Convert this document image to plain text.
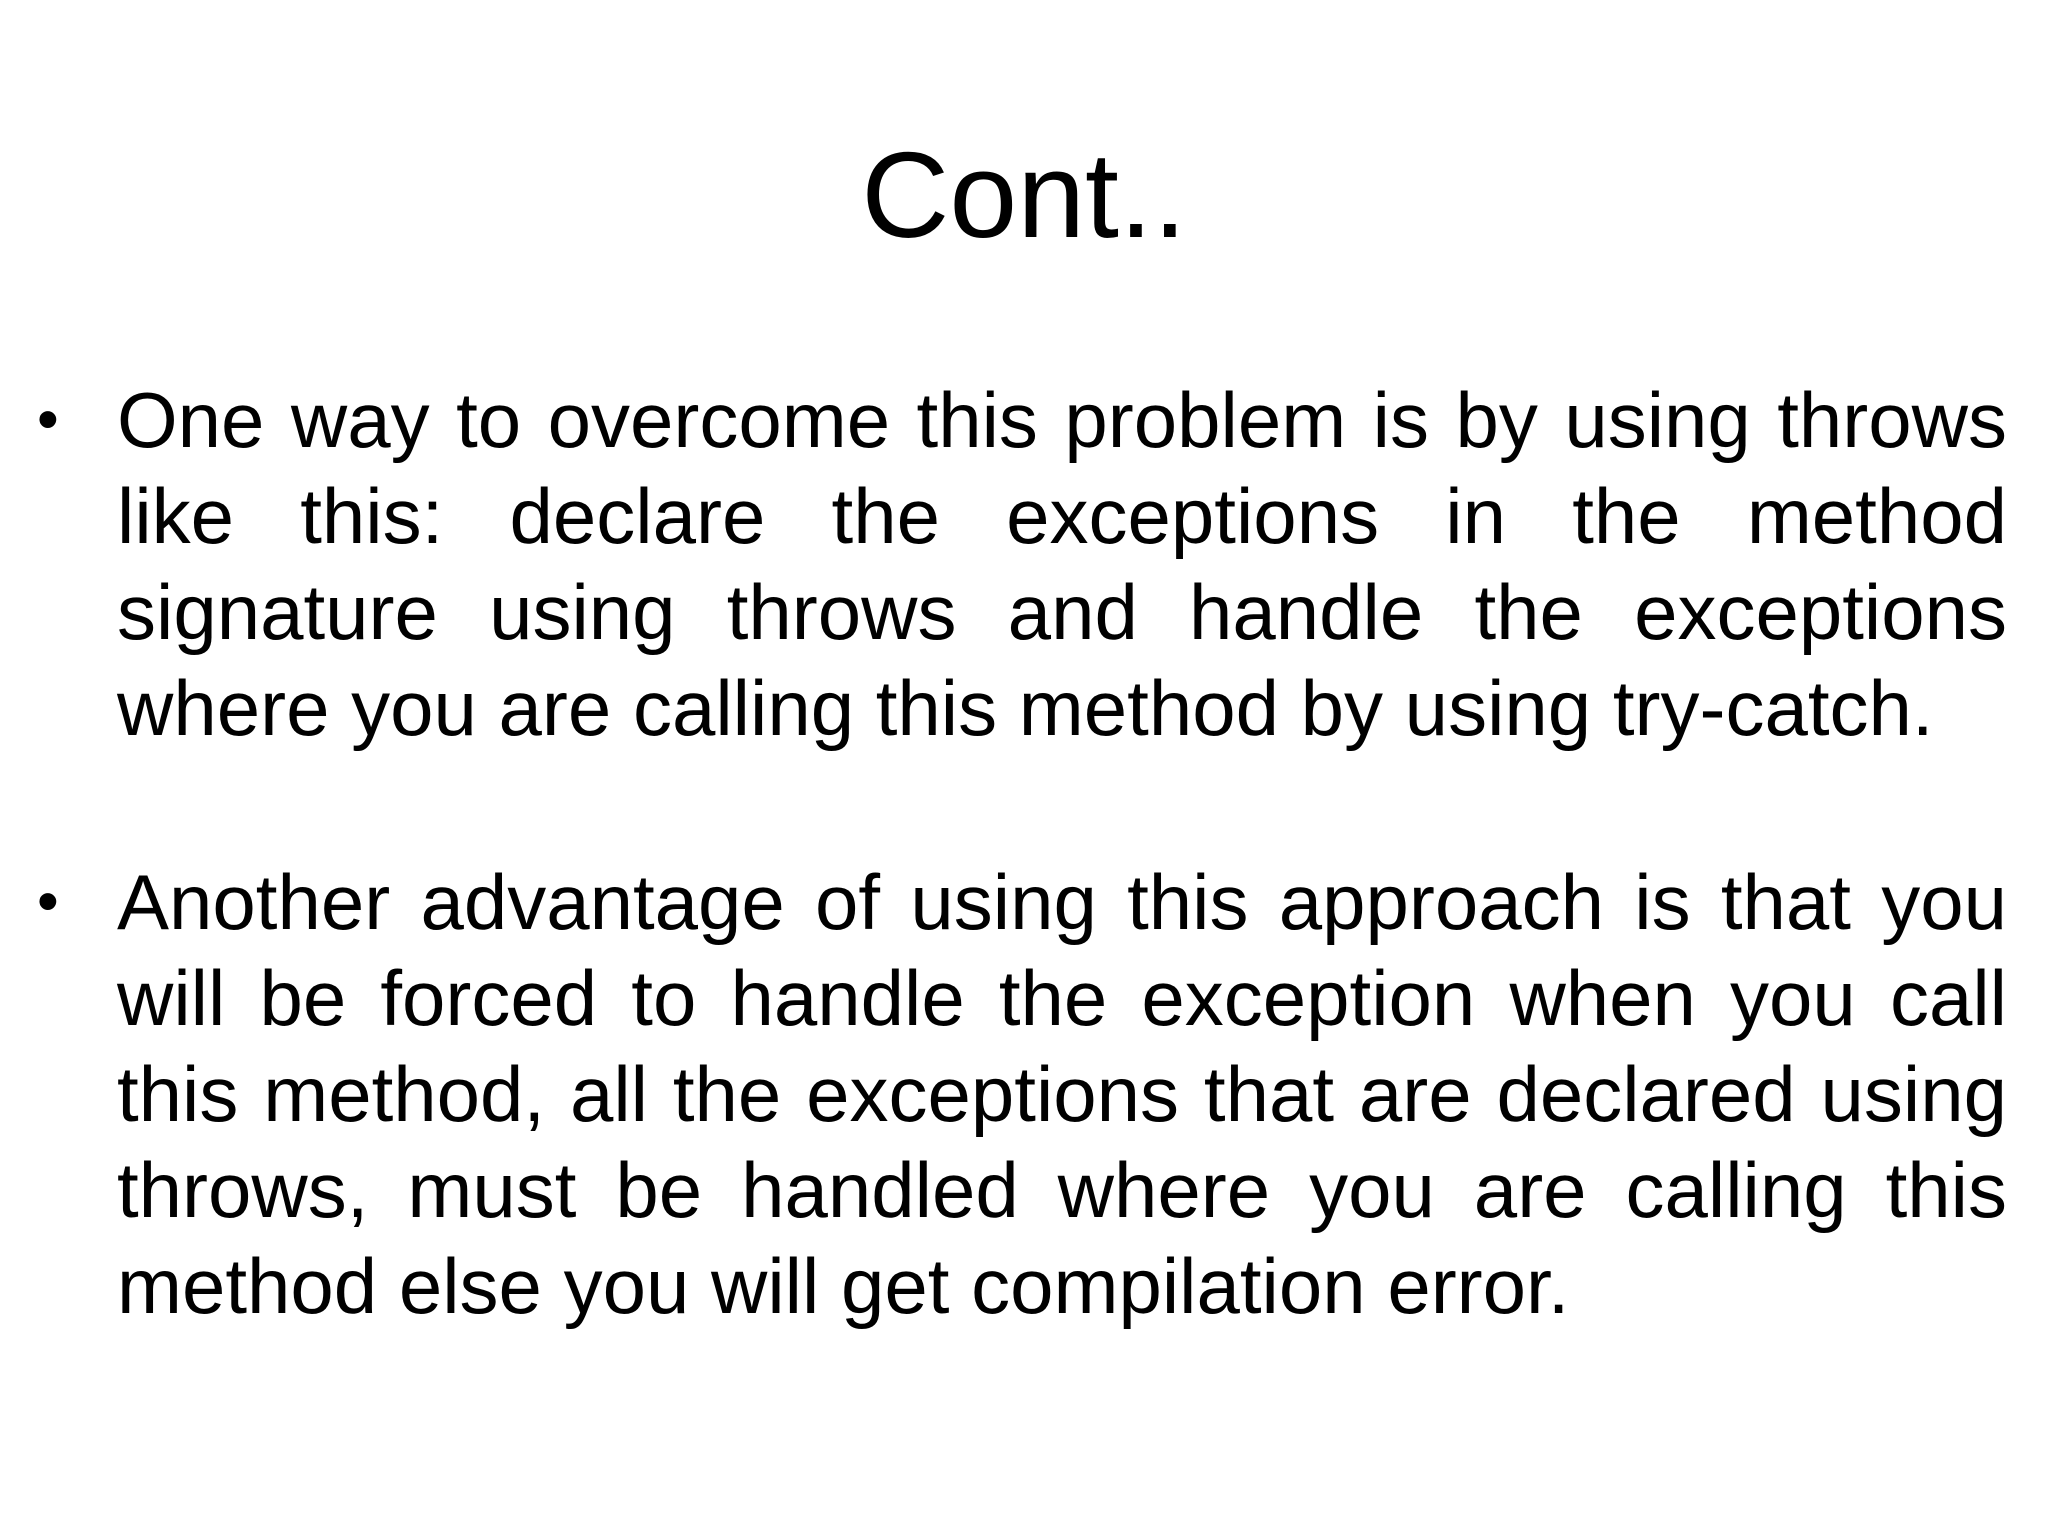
Cont..
• One way to overcome this problem is by using throws like this: declare the exceptions in the method signature using throws and handle the exceptions where you are calling this method by using try-catch.
• Another advantage of using this approach is that you will be forced to handle the exception when you call this method, all the exceptions that are declared using throws, must be handled where you are calling this method else you will get compilation error.
